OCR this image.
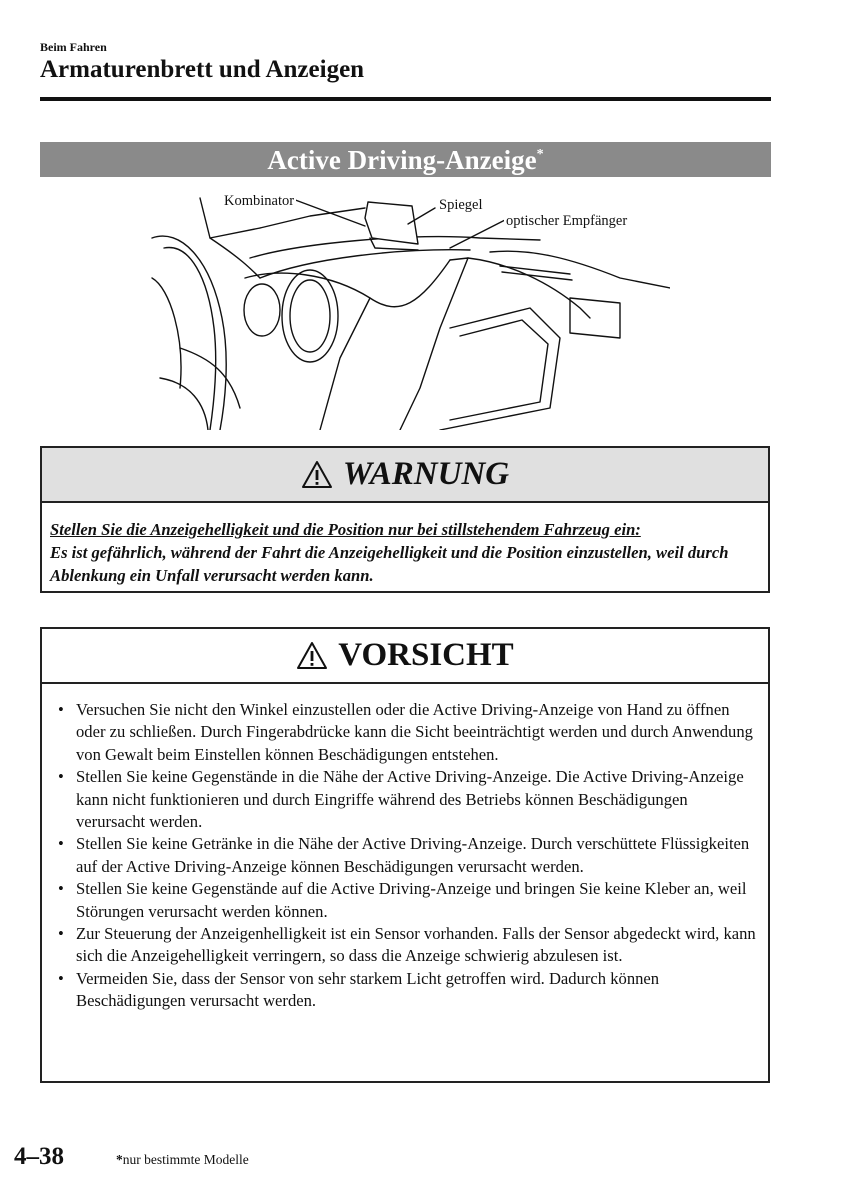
Beim Fahren
Armaturenbrett und Anzeigen
Active Driving-Anzeige*
Kombinator	Spiegel
optischer Empfänger
WARNUNG
Stellen Sie die Anzeigehelligkeit und die Position nur bei stillstehendem Fahrzeug ein:
Es ist gefährlich, während der Fahrt die Anzeigehelligkeit und die Position einzustellen, weil durch Ablenkung ein Unfall verursacht werden kann.
VORSICHT
• Versuchen Sie nicht den Winkel einzustellen oder die Active Driving-Anzeige von Hand zu öffnen oder zu schließen. Durch Fingerabdrücke kann die Sicht beeinträchtigt werden und durch Anwendung von Gewalt beim Einstellen können Beschädigungen entstehen.
• Stellen Sie keine Gegenstände in die Nähe der Active Driving-Anzeige. Die Active Driving-Anzeige kann nicht funktionieren und durch Eingriffe während des Betriebs können Beschädigungen verursacht werden.
• Stellen Sie keine Getränke in die Nähe der Active Driving-Anzeige. Durch verschüttete Flüssigkeiten auf der Active Driving-Anzeige können Beschädigungen verursacht werden.
• Stellen Sie keine Gegenstände auf die Active Driving-Anzeige und bringen Sie keine Kleber an, weil Störungen verursacht werden können.
• Zur Steuerung der Anzeigenhelligkeit ist ein Sensor vorhanden. Falls der Sensor abgedeckt wird, kann sich die Anzeigehelligkeit verringern, so dass die Anzeige schwierig abzulesen ist.
• Vermeiden Sie, dass der Sensor von sehr starkem Licht getroffen wird. Dadurch können Beschädigungen verursacht werden.
4–38	*nur bestimmte Modelle
